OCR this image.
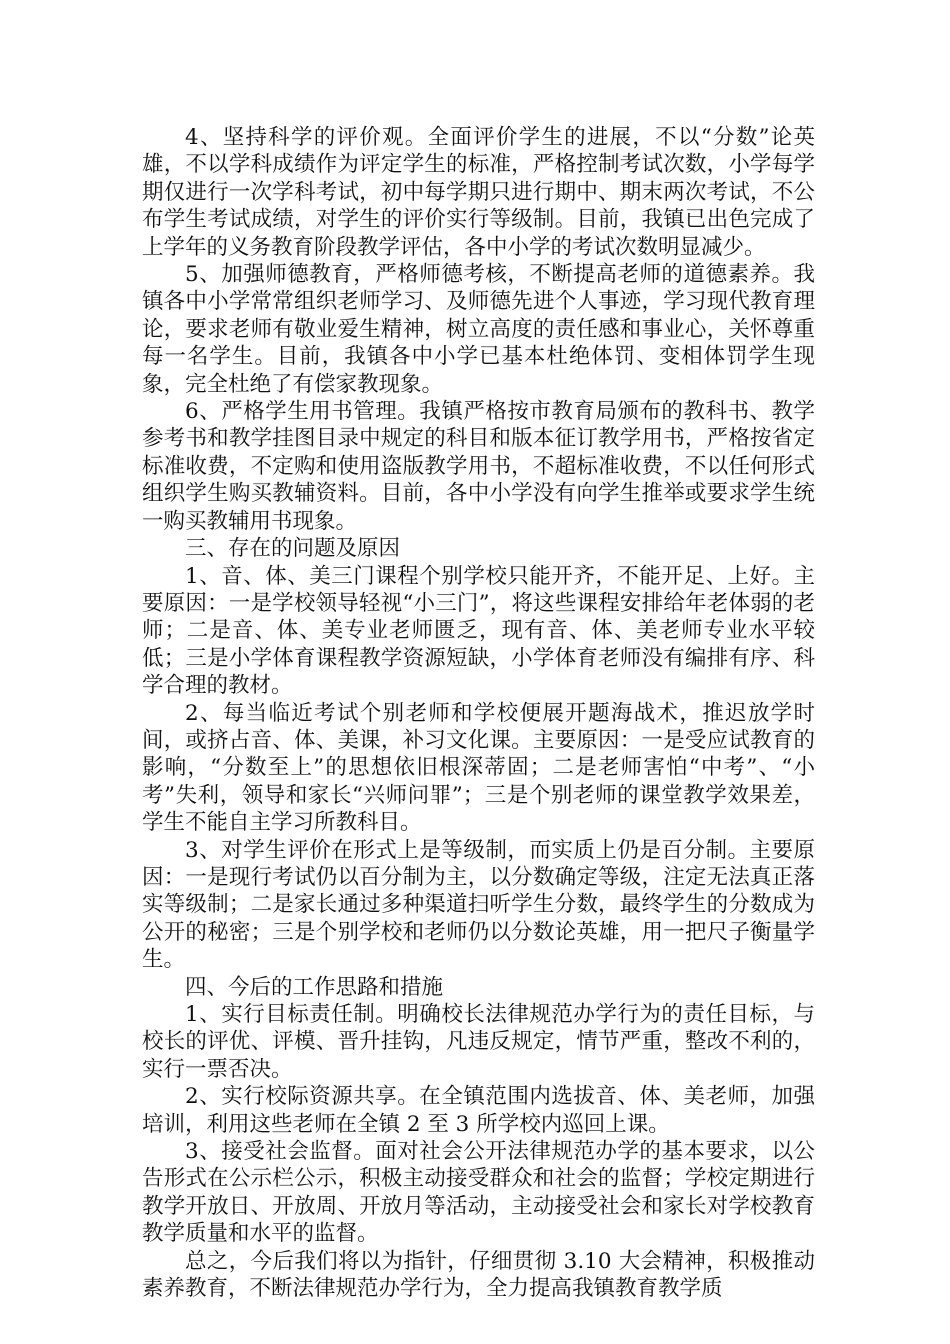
4、坚持科学的评价观。全面评价学生的进展，不以“分数”论英雄，不以学科成绩作为评定学生的标准，严格控制考试次数，小学每学期仅进行一次学科考试，初中每学期只进行期中、期末两次考试，不公布学生考试成绩，对学生的评价实行等级制。目前，我镇已出色完成了上学年的义务教育阶段教学评估，各中小学的考试次数明显减少。

5、加强师德教育，严格师德考核，不断提高老师的道德素养。我镇各中小学常常组织老师学习、及师德先进个人事迹，学习现代教育理论，要求老师有敬业爱生精神，树立高度的责任感和事业心，关怀尊重每一名学生。目前，我镇各中小学已基本杜绝体罚、变相体罚学生现象，完全杜绝了有偿家教现象。

6、严格学生用书管理。我镇严格按市教育局颁布的教科书、教学参考书和教学挂图目录中规定的科目和版本征订教学用书，严格按省定标准收费，不定购和使用盗版教学用书，不超标准收费，不以任何形式组织学生购买教辅资料。目前，各中小学没有向学生推举或要求学生统一购买教辅用书现象。

三、存在的问题及原因

1、音、体、美三门课程个别学校只能开齐，不能开足、上好。主要原因：一是学校领导轻视“小三门”，将这些课程安排给年老体弱的老师；二是音、体、美专业老师匮乏，现有音、体、美老师专业水平较低；三是小学体育课程教学资源短缺，小学体育老师没有编排有序、科学合理的教材。

2、每当临近考试个别老师和学校便展开题海战术，推迟放学时间，或挤占音、体、美课，补习文化课。主要原因：一是受应试教育的影响，“分数至上”的思想依旧根深蒂固；二是老师害怕“中考”、“小考”失利，领导和家长“兴师问罪”；三是个别老师的课堂教学效果差，学生不能自主学习所教科目。

3、对学生评价在形式上是等级制，而实质上仍是百分制。主要原因：一是现行考试仍以百分制为主，以分数确定等级，注定无法真正落实等级制；二是家长通过多种渠道扫听学生分数，最终学生的分数成为公开的秘密；三是个别学校和老师仍以分数论英雄，用一把尺子衡量学生。

四、今后的工作思路和措施

1、实行目标责任制。明确校长法律规范办学行为的责任目标，与校长的评优、评模、晋升挂钩，凡违反规定，情节严重，整改不利的，实行一票否决。

2、实行校际资源共享。在全镇范围内选拔音、体、美老师，加强培训，利用这些老师在全镇 2 至 3 所学校内巡回上课。

3、接受社会监督。面对社会公开法律规范办学的基本要求，以公告形式在公示栏公示，积极主动接受群众和社会的监督；学校定期进行教学开放日、开放周、开放月等活动，主动接受社会和家长对学校教育教学质量和水平的监督。

总之，今后我们将以为指针，仔细贯彻 3.10 大会精神，积极推动素养教育，不断法律规范办学行为，全力提高我镇教育教学质
